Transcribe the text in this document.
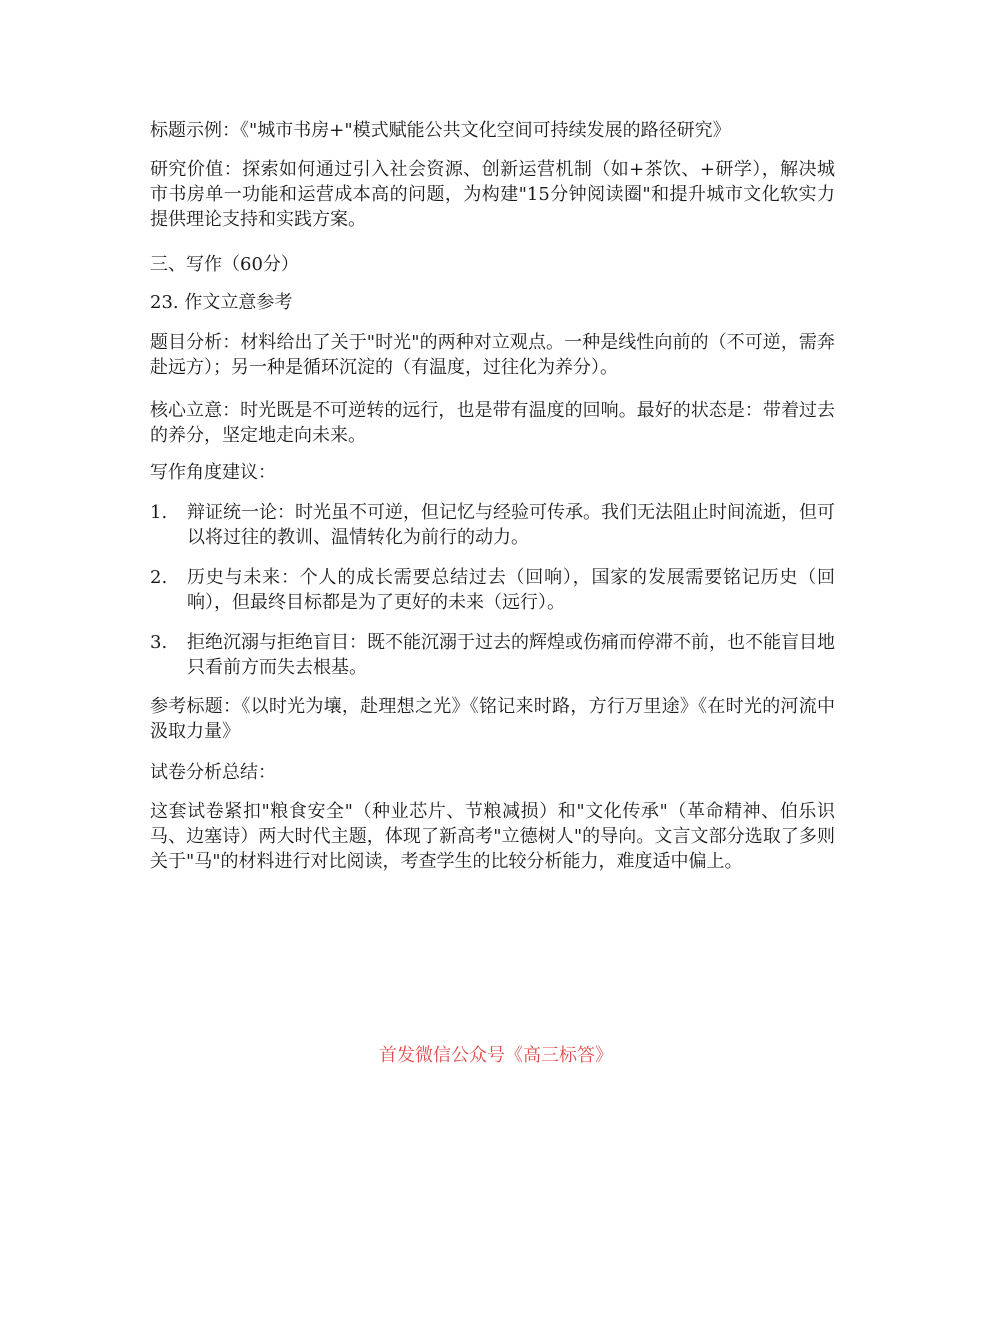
标题示例：《"城市书房+"模式赋能公共文化空间可持续发展的路径研究》

研究价值：探索如何通过引入社会资源、创新运营机制（如+茶饮、+研学），解决城市书房单一功能和运营成本高的问题，为构建"15分钟阅读圈"和提升城市文化软实力提供理论支持和实践方案。

三、写作（60分）

23. 作文立意参考

题目分析：材料给出了关于"时光"的两种对立观点。一种是线性向前的（不可逆，需奔赴远方）；另一种是循环沉淀的（有温度，过往化为养分）。

核心立意：时光既是不可逆转的远行，也是带有温度的回响。最好的状态是：带着过去的养分，坚定地走向未来。

写作角度建议：

1.	辩证统一论：时光虽不可逆，但记忆与经验可传承。我们无法阻止时间流逝，但可以将过往的教训、温情转化为前行的动力。
2.	历史与未来：个人的成长需要总结过去（回响），国家的发展需要铭记历史（回响），但最终目标都是为了更好的未来（远行）。
3.	拒绝沉溺与拒绝盲目：既不能沉溺于过去的辉煌或伤痛而停滞不前，也不能盲目地只看前方而失去根基。

参考标题：《以时光为壤，赴理想之光》《铭记来时路，方行万里途》《在时光的河流中汲取力量》

试卷分析总结：

这套试卷紧扣"粮食安全"（种业芯片、节粮减损）和"文化传承"（革命精神、伯乐识马、边塞诗）两大时代主题，体现了新高考"立德树人"的导向。文言文部分选取了多则关于"马"的材料进行对比阅读，考查学生的比较分析能力，难度适中偏上。

首发微信公众号《高三标答》
